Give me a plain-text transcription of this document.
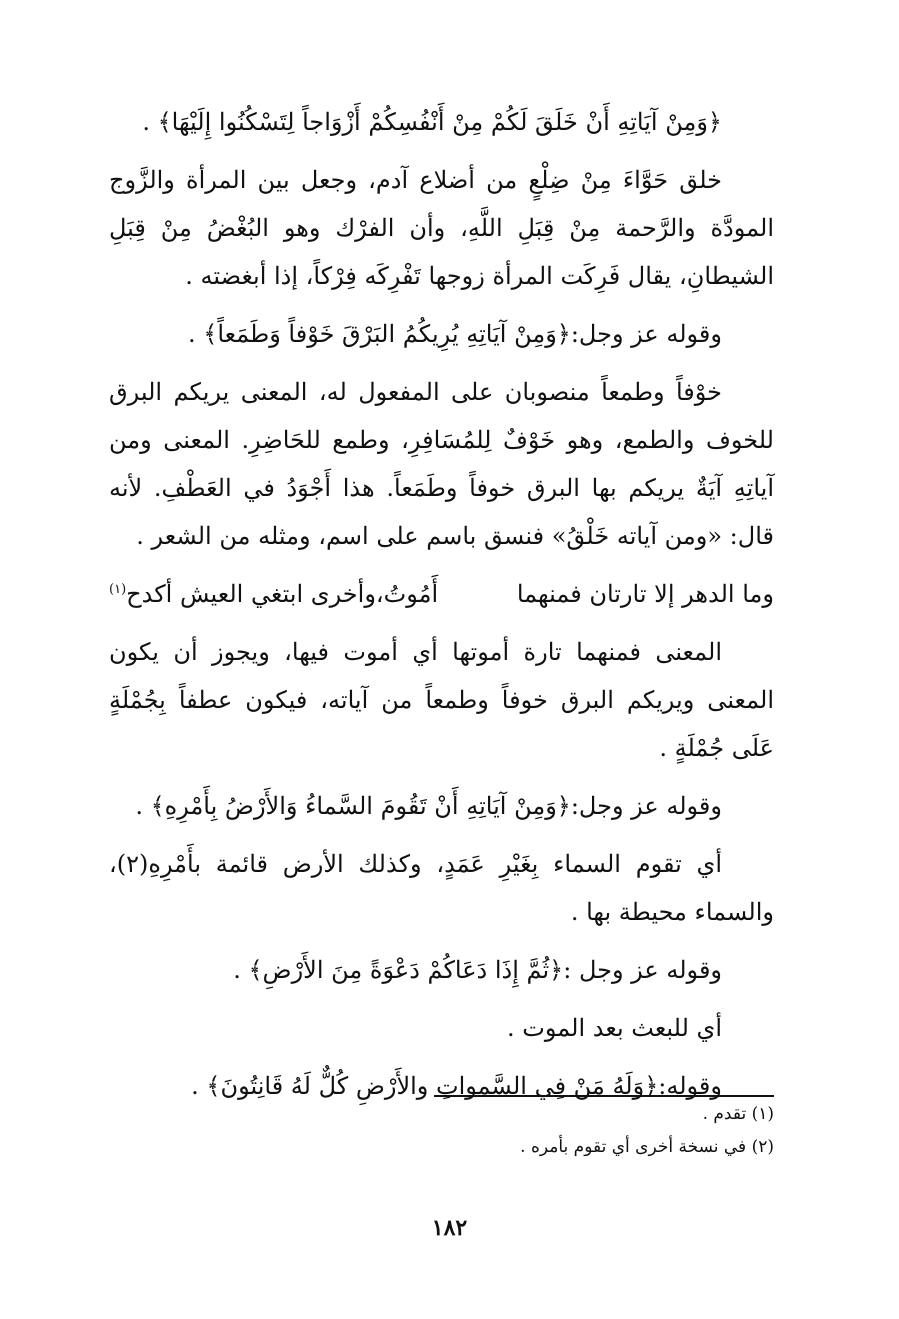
﴿وَمِنْ آيَاتِهِ أَنْ خَلَقَ لَكُمْ مِنْ أَنْفُسِكُمْ أَزْوَاجاً لِتَسْكُنُوا إِلَيْهَا﴾ .

خلق حَوَّاءَ مِنْ ضِلْعٍ من أضلاع آدم، وجعل بين المرأة والزَّوج المودَّة والرَّحمة مِنْ قِبَلِ اللَّهِ، وأن الفرْك وهو البُغْضُ مِنْ قِبَلِ الشيطانِ، يقال فَرِكَت المرأة زوجها تَفْرِكَه فِرْكاً، إذا أبغضته .

وقوله عز وجل:﴿وَمِنْ آيَاتِهِ يُرِيكُمُ البَرْقَ خَوْفاً وَطَمَعاً﴾ .

خوْفاً وطمعاً منصوبان على المفعول له، المعنى يريكم البرق للخوف والطمع، وهو خَوْفٌ لِلمُسَافِرِ، وطمع للحَاضِرِ. المعنى ومن آياتِهِ آيَةٌ يريكم بها البرق خوفاً وطَمَعاً. هذا أَجْوَدُ في العَطْفِ. لأنه قال: «ومن آياته خَلْقُ» فنسق باسم على اسم، ومثله من الشعر .

وما الدهر إلا تارتان فمنهما
أَمُوتُ،وأخرى ابتغي العيش أكدح$^{(١)}$

المعنى فمنهما تارة أموتها أي أموت فيها، ويجوز أن يكون المعنى ويريكم البرق خوفاً وطمعاً من آياته، فيكون عطفاً بِجُمْلَةٍ عَلَى جُمْلَةٍ .

وقوله عز وجل:﴿وَمِنْ آيَاتِهِ أَنْ تَقُومَ السَّماءُ وَالأَرْضُ بِأَمْرِهِ﴾ .

أي تقوم السماء بِغَيْرِ عَمَدٍ، وكذلك الأرض قائمة بأَمْرِهِ(٢)، والسماء محيطة بها .

وقوله عز وجل :﴿ثُمَّ إِذَا دَعَاكُمْ دَعْوَةً مِنَ الأَرْضِ﴾ .

أي للبعث بعد الموت .

وقوله:﴿وَلَهُ مَنْ فِي السَّمواتِ والأَرْضِ كُلٌّ لَهُ قَانِتُونَ﴾ .

(١) تقدم .

(٢) في نسخة أخرى أي تقوم بأمره .

١٨٢
